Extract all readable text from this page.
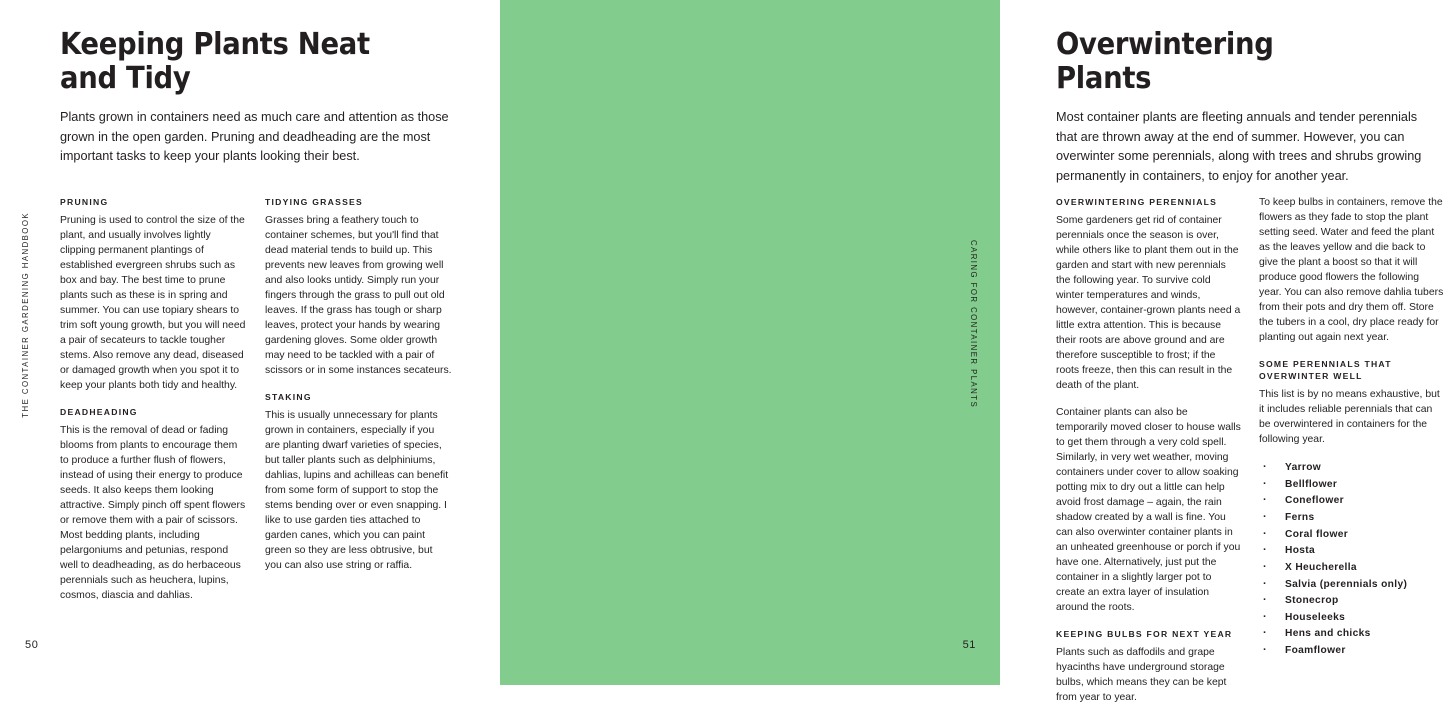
THE CONTAINER GARDENING HANDBOOK
Keeping Plants Neat and Tidy

Plants grown in containers need as much care and attention as those grown in the open garden. Pruning and deadheading are the most important tasks to keep your plants looking their best.

PRUNING

Pruning is used to control the size of the plant, and usually involves lightly clipping permanent plantings of established evergreen shrubs such as box and bay. The best time to prune plants such as these is in spring and summer. You can use topiary shears to trim soft young growth, but you will need a pair of secateurs to tackle tougher stems. Also remove any dead, diseased or damaged growth when you spot it to keep your plants both tidy and healthy.

DEADHEADING

This is the removal of dead or fading blooms from plants to encourage them to produce a further flush of flowers, instead of using their energy to produce seeds. It also keeps them looking attractive. Simply pinch off spent flowers or remove them with a pair of scissors. Most bedding plants, including pelargoniums and petunias, respond well to deadheading, as do herbaceous perennials such as heuchera, lupins, cosmos, diascia and dahlias.

TIDYING GRASSES

Grasses bring a feathery touch to container schemes, but you'll find that dead material tends to build up. This prevents new leaves from growing well and also looks untidy. Simply run your fingers through the grass to pull out old leaves. If the grass has tough or sharp leaves, protect your hands by wearing gardening gloves. Some older growth may need to be tackled with a pair of scissors or in some instances secateurs.

STAKING

This is usually unnecessary for plants grown in containers, especially if you are planting dwarf varieties of species, but taller plants such as delphiniums, dahlias, lupins and achilleas can benefit from some form of support to stop the stems bending over or even snapping. I like to use garden ties attached to garden canes, which you can paint green so they are less obtrusive, but you can also use string or raffia.

50
CARING FOR CONTAINER PLANTS
Overwintering Plants

Most container plants are fleeting annuals and tender perennials that are thrown away at the end of summer. However, you can overwinter some perennials, along with trees and shrubs growing permanently in containers, to enjoy for another year.

OVERWINTERING PERENNIALS

Some gardeners get rid of container perennials once the season is over, while others like to plant them out in the garden and start with new perennials the following year. To survive cold winter temperatures and winds, however, container-grown plants need a little extra attention. This is because their roots are above ground and are therefore susceptible to frost; if the roots freeze, then this can result in the death of the plant.

Container plants can also be temporarily moved closer to house walls to get them through a very cold spell. Similarly, in very wet weather, moving containers under cover to allow soaking potting mix to dry out a little can help avoid frost damage – again, the rain shadow created by a wall is fine. You can also overwinter container plants in an unheated greenhouse or porch if you have one. Alternatively, just put the container in a slightly larger pot to create an extra layer of insulation around the roots.

KEEPING BULBS FOR NEXT YEAR

Plants such as daffodils and grape hyacinths have underground storage bulbs, which means they can be kept from year to year.

To keep bulbs in containers, remove the flowers as they fade to stop the plant setting seed. Water and feed the plant as the leaves yellow and die back to give the plant a boost so that it will produce good flowers the following year. You can also remove dahlia tubers from their pots and dry them off. Store the tubers in a cool, dry place ready for planting out again next year.

SOME PERENNIALS THAT OVERWINTER WELL

This list is by no means exhaustive, but it includes reliable perennials that can be overwintered in containers for the following year.

· Yarrow
· Bellflower
· Coneflower
· Ferns
· Coral flower
· Hosta
· X Heucherella
· Salvia (perennials only)
· Stonecrop
· Houseleeks
· Hens and chicks
· Foamflower
51
